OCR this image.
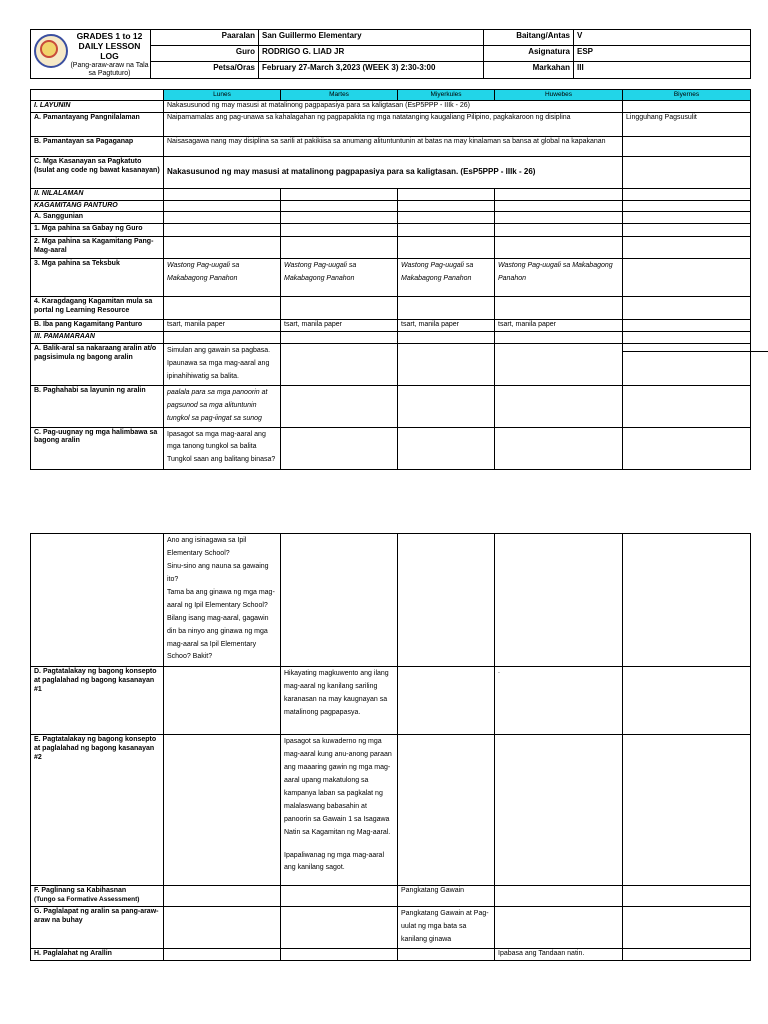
GRADES 1 to 12
DAILY LESSON LOG
(Pang-araw-araw na Tala sa Pagtuturo)	Paaralan	San Guillermo Elementary	Baitang/Antas	V
	Guro	RODRIGO G. LIAD JR	Asignatura	ESP
	Petsa/Oras	February 27-March 3,2023 (WEEK 3) 2:30-3:00	Markahan	III
	Lunes	Martes	Miyerkules	Huwebes	Biyernes
I. LAYUNIN	Nakasusunod ng may masusi at matalinong pagpapasiya para sa kaligtasan (EsP5PPP - IIIk - 26)				
A. Pamantayang Pangnilalaman	Naipamamalas ang pag-unawa sa kahalagahan ng pagpapakita ng mga natatanging kaugaliang Pilipino, pagkakaroon ng disiplina				Lingguhang Pagsusulit
B. Pamantayan sa Pagaganap	Naisasagawa nang may disiplina sa sarili at pakikiisa sa anumang alituntuntunin at batas na may kinalaman sa bansa at global na kapakanan				
C. Mga Kasanayan sa Pagkatuto (Isulat ang code ng bawat kasanayan)	Nakasusunod ng may masusi at matalinong pagpapasiya para sa kaligtasan. (EsP5PPP - IIIk - 26)				
II. NILALAMAN					
KAGAMITANG PANTURO					
A. Sanggunian					
1. Mga pahina sa Gabay ng Guro					
2. Mga pahina sa Kagamitang Pang-Mag-aaral					
3. Mga pahina sa Teksbuk	Wastong Pag-uugali sa Makabagong Panahon	Wastong Pag-uugali sa Makabagong Panahon	Wastong Pag-uugali sa Makabagong Panahon	Wastong Pag-uugali sa Makabagong Panahon	
4. Karagdagang Kagamitan mula sa portal ng Learning Resource					
B. Iba pang Kagamitang Panturo	tsart, manila paper	tsart, manila paper	tsart, manila paper	tsart, manila paper	
III. PAMAMARAAN					
A. Balik-aral sa nakaraang aralin at/o pagsisimula ng bagong aralin	Simulan ang gawain sa pagbasa.
Ipaunawa sa mga mag-aaral ang ipinahihiwatig sa balita.				

B. Paghahabi sa layunin ng aralin	paalala para sa mga panoorin at pagsunod sa mga alituntunin tungkol sa pag-iingat sa sunog				
C. Pag-uugnay ng mga halimbawa sa bagong aralin	Ipasagot sa mga mag-aaral ang mga tanong tungkol sa balita
Tungkol saan ang balitang binasa?				

	Ano ang isinagawa sa Ipil Elementary School?
Sinu-sino ang nauna sa gawaing ito?
Tama ba ang ginawa ng mga mag-aaral ng Ipil Elementary School?
Bilang isang mag-aaral, gagawin din ba ninyo ang ginawa ng mga mag-aaral sa Ipil Elementary Schoo? Bakit?				

D. Pagtatalakay ng bagong konsepto at paglalahad ng bagong kasanayan #1		Hikayating magkuwento ang ilang mag-aaral ng kanilang sariling karanasan na may kaugnayan sa matalinong pagpapasya.		.	
E. Pagtatalakay ng bagong konsepto at paglalahad ng bagong kasanayan #2		Ipasagot sa kuwaderno ng mga mag-aaral kung anu-anong paraan ang maaaring gawin ng mga mag-aaral upang makatulong sa kampanya laban sa pagkalat ng malalaswang babasahin at panoorin sa Gawain 1 sa Isagawa Natin sa Kagamitan ng Mag-aaral.
Ipapaliwanag ng mga mag-aaral ang kanilang sagot.			

F. Paglinang sa Kabihasnan
(Tungo sa Formative Assessment)			Pangkatang Gawain		
G. Paglalapat ng aralin sa pang-araw-araw na buhay			Pangkatang Gawain at Pag-uulat ng mga bata sa kanilang ginawa		
H. Paglalahat ng Arallin				Ipabasa ang Tandaan natin.	
